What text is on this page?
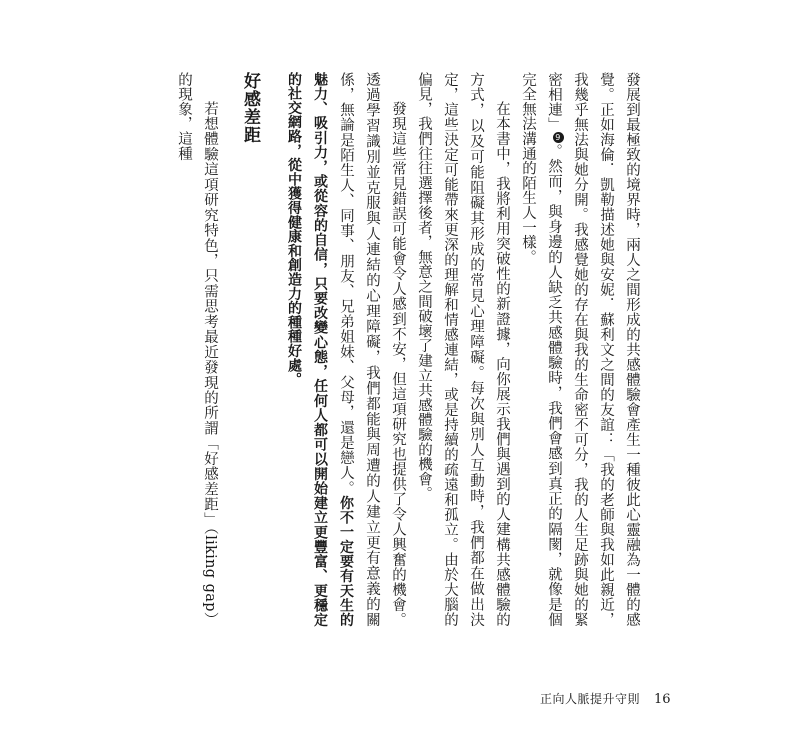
發展到最極致的境界時，兩人之間形成的共感體驗會產生一種彼此心靈融為一體的感覺。正如海倫．凱勒描述她與安妮．蘇利文之間的友誼：「我的老師與我如此親近，我幾乎無法與她分開。我感覺她的存在與我的生命密不可分，我的人生足跡與她的緊密相連」9。然而，與身邊的人缺乏共感體驗時，我們會感到真正的隔閡，就像是個完全無法溝通的陌生人一樣。

在本書中，我將利用突破性的新證據，向你展示我們與遇到的人建構共感體驗的方式，以及可能阻礙其形成的常見心理障礙。每次與別人互動時，我們都在做出決定，這些決定可能帶來更深的理解和情感連結，或是持續的疏遠和孤立。由於大腦的偏見，我們往往選擇後者，無意之間破壞了建立共感體驗的機會。

發現這些常見錯誤可能會令人感到不安，但這項研究也提供了令人興奮的機會。透過學習識別並克服與人連結的心理障礙，我們都能與周遭的人建立更有意義的關係，無論是陌生人、同事、朋友、兄弟姐妹、父母，還是戀人。你不一定要有天生的魅力、吸引力，或從容的自信，只要改變心態，任何人都可以開始建立更豐富、更穩定的社交網路，從中獲得健康和創造力的種種好處。

好感差距

若想體驗這項研究特色，只需思考最近發現的所謂「好感差距」（liking gap）的現象，這種

正向人脈提升守則 16
